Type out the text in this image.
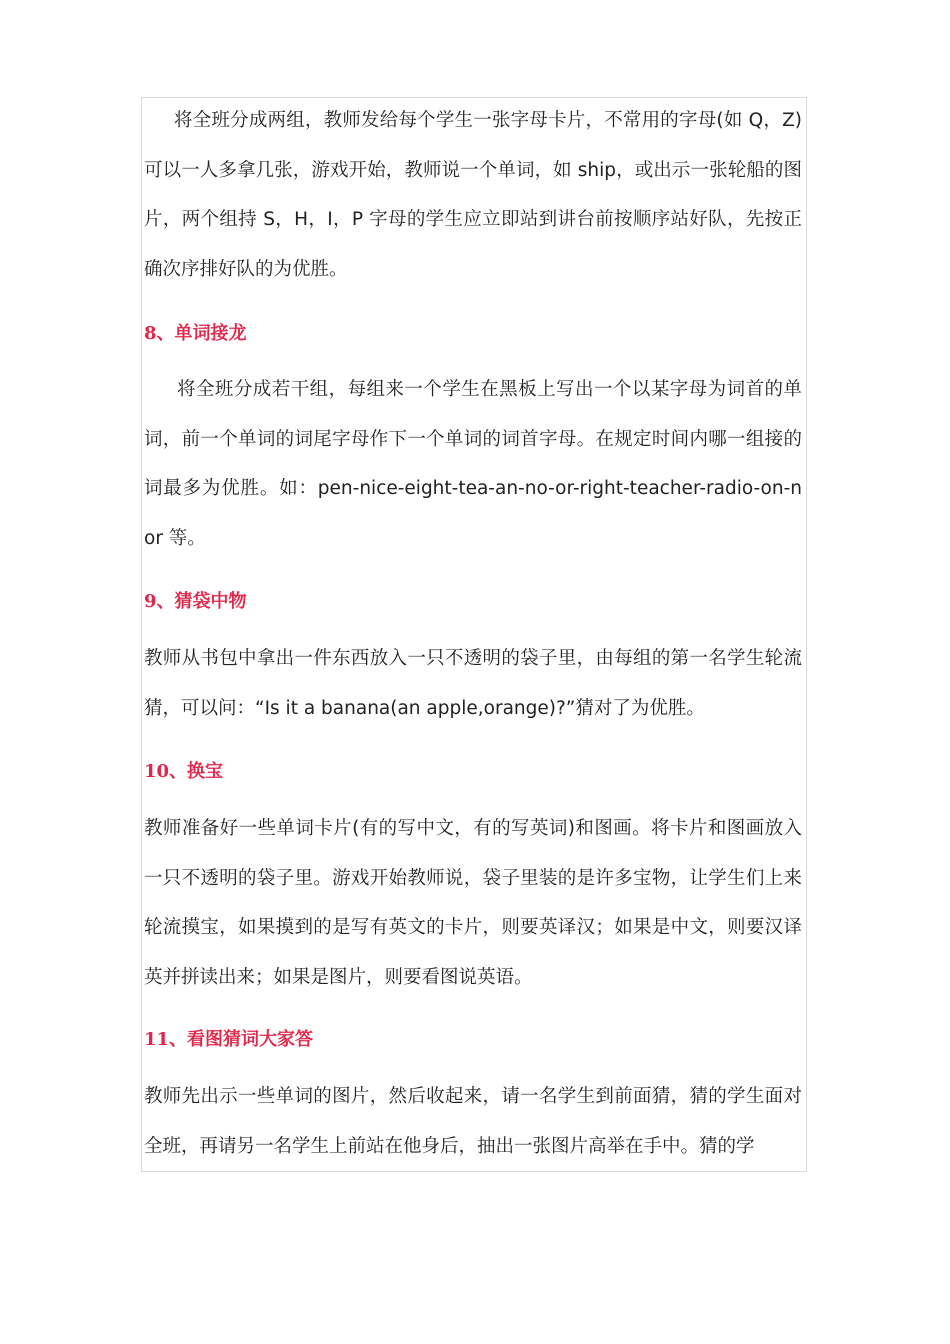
将全班分成两组，教师发给每个学生一张字母卡片，不常用的字母(如 Q，Z)可以一人多拿几张，游戏开始，教师说一个单词，如 ship，或出示一张轮船的图片，两个组持 S，H，I，P 字母的学生应立即站到讲台前按顺序站好队，先按正确次序排好队的为优胜。

8、单词接龙

将全班分成若干组，每组来一个学生在黑板上写出一个以某字母为词首的单词，前一个单词的词尾字母作下一个单词的词首字母。在规定时间内哪一组接的词最多为优胜。如：pen-nice-eight-tea-an-no-or-right-teacher-radio-on-nor 等。

9、猜袋中物

教师从书包中拿出一件东西放入一只不透明的袋子里，由每组的第一名学生轮流猜，可以问：“Is it a banana(an apple,orange)?”猜对了为优胜。

10、换宝

教师准备好一些单词卡片(有的写中文，有的写英词)和图画。将卡片和图画放入一只不透明的袋子里。游戏开始教师说，袋子里装的是许多宝物，让学生们上来轮流摸宝，如果摸到的是写有英文的卡片，则要英译汉；如果是中文，则要汉译英并拼读出来；如果是图片，则要看图说英语。

11、看图猜词大家答

教师先出示一些单词的图片，然后收起来，请一名学生到前面猜，猜的学生面对全班，再请另一名学生上前站在他身后，抽出一张图片高举在手中。猜的学
